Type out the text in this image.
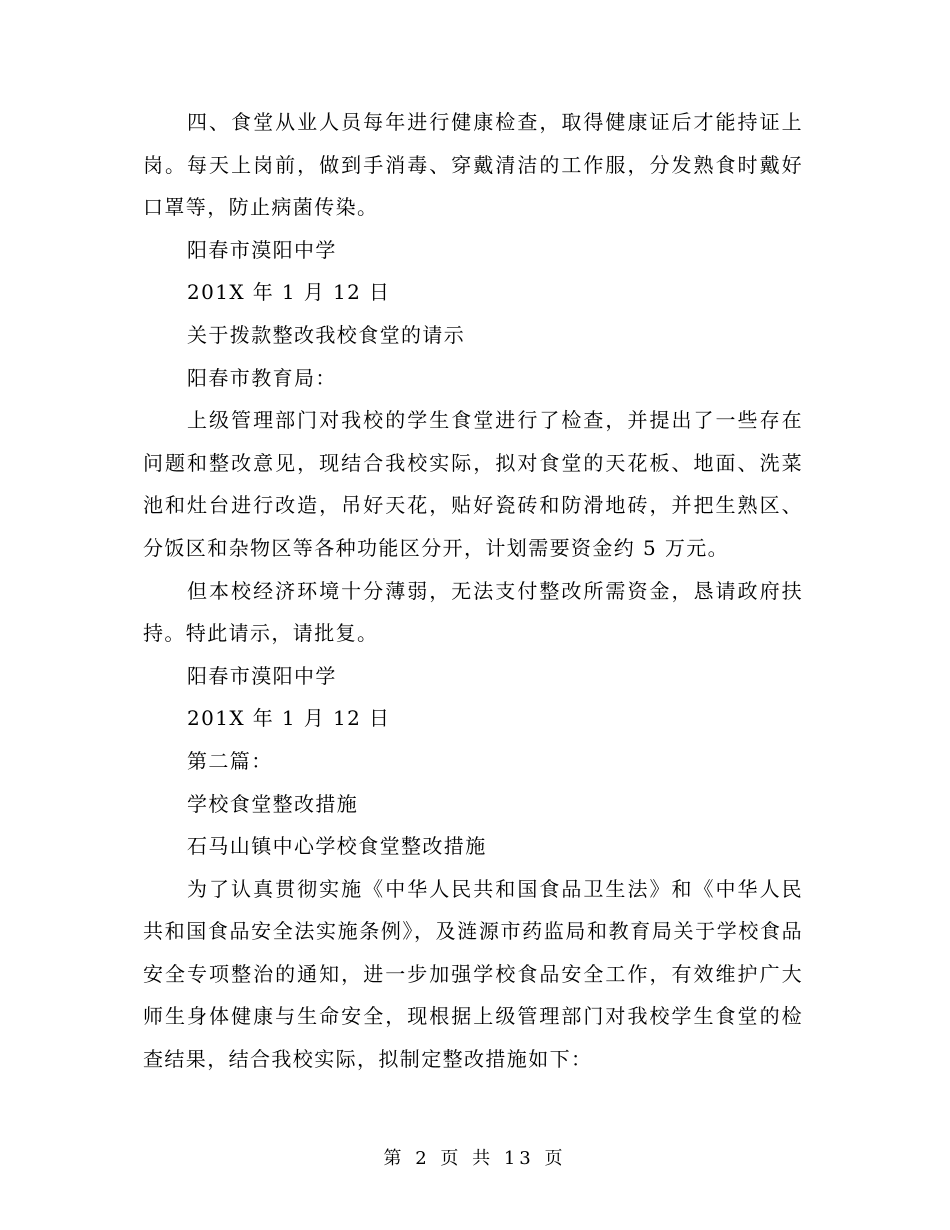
四、食堂从业人员每年进行健康检查，取得健康证后才能持证上岗。每天上岗前，做到手消毒、穿戴清洁的工作服，分发熟食时戴好口罩等，防止病菌传染。

阳春市漠阳中学

201X 年 1 月 12 日

关于拨款整改我校食堂的请示

阳春市教育局：

上级管理部门对我校的学生食堂进行了检查，并提出了一些存在问题和整改意见，现结合我校实际，拟对食堂的天花板、地面、洗菜池和灶台进行改造，吊好天花，贴好瓷砖和防滑地砖，并把生熟区、分饭区和杂物区等各种功能区分开，计划需要资金约 5 万元。

但本校经济环境十分薄弱，无法支付整改所需资金，恳请政府扶持。特此请示，请批复。

阳春市漠阳中学

201X 年 1 月 12 日

第二篇：

学校食堂整改措施

石马山镇中心学校食堂整改措施

为了认真贯彻实施《中华人民共和国食品卫生法》和《中华人民共和国食品安全法实施条例》，及涟源市药监局和教育局关于学校食品安全专项整治的通知，进一步加强学校食品安全工作，有效维护广大师生身体健康与生命安全，现根据上级管理部门对我校学生食堂的检查结果，结合我校实际，拟制定整改措施如下：

第 2 页 共 13 页
